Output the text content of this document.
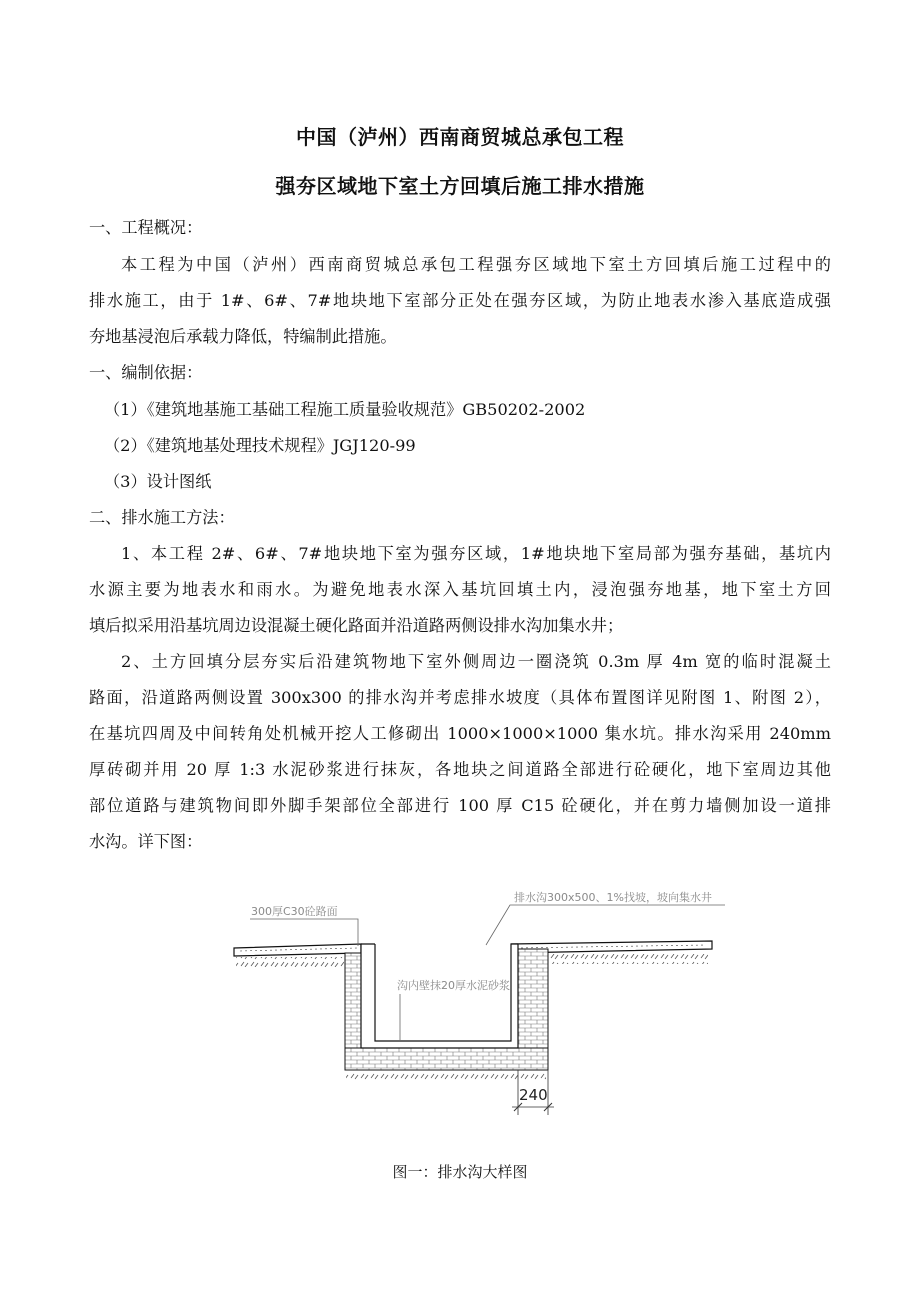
中国（泸州）西南商贸城总承包工程
强夯区域地下室土方回填后施工排水措施
一、工程概况：
本工程为中国（泸州）西南商贸城总承包工程强夯区域地下室土方回填后施工过程中的
排水施工，由于 1#、6#、7#地块地下室部分正处在强夯区域，为防止地表水渗入基底造成强
夯地基浸泡后承载力降低，特编制此措施。
一、编制依据：
（1）《建筑地基施工基础工程施工质量验收规范》GB50202-2002
（2）《建筑地基处理技术规程》JGJ120-99
（3）设计图纸
二、排水施工方法：
1、本工程 2#、6#、7#地块地下室为强夯区域，1#地块地下室局部为强夯基础，基坑内
水源主要为地表水和雨水。为避免地表水深入基坑回填土内，浸泡强夯地基，地下室土方回
填后拟采用沿基坑周边设混凝土硬化路面并沿道路两侧设排水沟加集水井；
2、土方回填分层夯实后沿建筑物地下室外侧周边一圈浇筑 0.3m 厚 4m 宽的临时混凝土
路面，沿道路两侧设置 300x300 的排水沟并考虑排水坡度（具体布置图详见附图 1、附图 2），
在基坑四周及中间转角处机械开挖人工修砌出 1000×1000×1000 集水坑。排水沟采用 240mm
厚砖砌并用 20 厚 1:3 水泥砂浆进行抹灰，各地块之间道路全部进行砼硬化，地下室周边其他
部位道路与建筑物间即外脚手架部位全部进行 100 厚 C15 砼硬化，并在剪力墙侧加设一道排
水沟。详下图：
300厚C30砼路面
排水沟300x500、1%找坡，坡向集水井
沟内壁抹20厚水泥砂浆
240
图一：排水沟大样图
